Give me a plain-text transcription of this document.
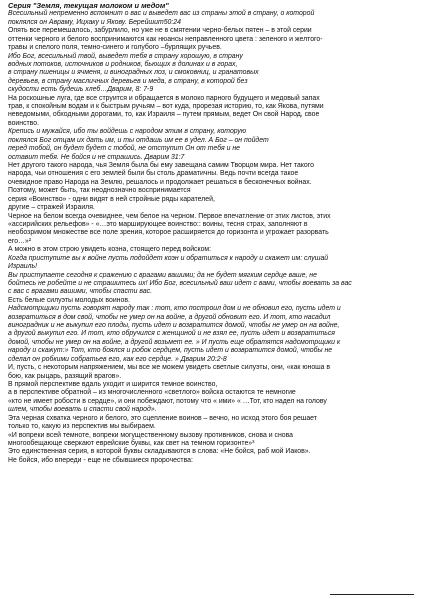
Серия "Земля, текущая молоком и медом"

Всесильный непременно вспомнит о вас и выведет вас из страны этой в страну, о которой

поклялся он Авраму, Ицхаку и Якову. Берейшит50:24

Опять все перемешалось, забурлило, но уже не в смятении черно-белых пятен – в этой серии

оттенки черного и белого воспринимаются как нюансы неправленного цвета : зеленого и желтого-

травы и спелого поля, темно-синего и голубого –бурлящих ручьев.

Ибо Бог, всесильный твой, выведет тебя в страну хорошую, в страну

водных потоков, источников и родников, бьющих в долинах и в горах,

в страну пшеницы и ячменя, и виноградных лоз, и смоковниц, и гранатовых

деревьев, в страну масличных деревьев и меда, в страну, в которой без

скудости есть будешь хлеб…Дварим, 8: 7-9

На роскошные луга, где все струится и обращается в молоко парного будущего и медовый запах

трав, к спокойным водам и к быстрым ручьям – вот куда, прорезая историю, то, как Якова, путями

неведомыми, обходными дорогами, то, как Израиля – путем прямым, ведет Он свой Народ, свое

воинство.

Крепись и мужайся, ибо ты войдешь с народом этим в страну, которую

поклялся Бог отцам их дать им, и ты отдашь им ее в удел. А Бог – он пойдет

перед тобой, он будет будет с тобой, не отступит Он от тебя и не

оставит тебя. Не бойся и не страшись. Дварим 31:7

Нет другого такого народа, чья Земля была бы ему завещана самим Творцом мира. Нет такого

народа, чьи отношения с его землей были бы столь драматичны. Ведь почти всегда такое

очевидное право Народа на Землю, решалось и продолжает решаться в бесконечных войнах.

Поэтому, может быть, так неоднозначно воспринимается

серия «Воинство» - одни видят в ней стройные ряды карателей,

другие – стражей Израиля.

Черное на белом всегда очевиднее, чем белое на черном. Первое впечатление от этих листов, этих

«ассирийских рельефов» - «…это марширующее воинство:: воины, тесня страх, заполняют в

необозримом множестве все поле зрения, которое расширяется до горизонта и угрожает разорвать

его…»²

А можно в этом строю увидеть коэна, стоящего перед войском:

Когда приступите вы к войне пусть подойдет коэн и обратиться к народу и скажет им: слушай

Израиль!

Вы приступаете сегодня к сражению с врагами вашими; да не будет мягким сердце ваше, не

бойтесь не робейте и не страшитесь их! Ибо Бог, всесильный ваш идет с вами, чтобы воевать за вас

с вас с врагами вашими, чтобы спасти вас.

Есть белые силуэты молодых воинов.

Надсмотрщики пусть говорят народу так : тот, кто построил дом и не обновил его, пусть идет и

возвратиться в дом свой, чтобы не умер он на войне, а другой обновит его. И тот, кто насадил

виноградник и не выкупил его плоды, пусть идет и возвратится домой, чтобы не умер он на войне,

а другой выкупил его. И тот, кто обручился с женщиной и не взял ее, пусть идет и возвратиться

домой, чтобы не умер он на войне, а другой возьмет ее. » И пусть еще обратятся надсмотрщики к

народу и скажут:» Тот, кто боялся и робок сердцем, пусть идет и возвратится домой, чтобы не

сделал он робкими собратьев его, как его сердце. » Дварим 20:2-8

И, пусть, с некоторым напряжением, мы все же можем увидеть светлые силуэты, они, «как юноша в

бою, как рыцарь, разящий врагов».

В прямой перспективе вдаль уходит и ширится темное воинство,

а в перспективе обратной – из многочисленного «светлого» войска остаются те немногие

«кто не имеет робости в сердце», и они побеждают, потому что « ими» « …Тот, кто надел на голову

шлем, чтобы воевать и спасти свой народ».

Эта черная схватка черного и белого, это сцепление воинов – вечно, но исход этого боя решает

только то, какую из перспектив мы выбираем.

«И вопреки всей темноте, вопреки могущественному вызову противников, снова и снова

многообещающе сверкают еврейские буквы, как свет на темном горизонте»³

Это единственная серия, в которой буквы складываются в слова: «Не бойся, раб мой Иаков».

Не бойся, ибо впереди - еще не сбывшиеся пророчества:
